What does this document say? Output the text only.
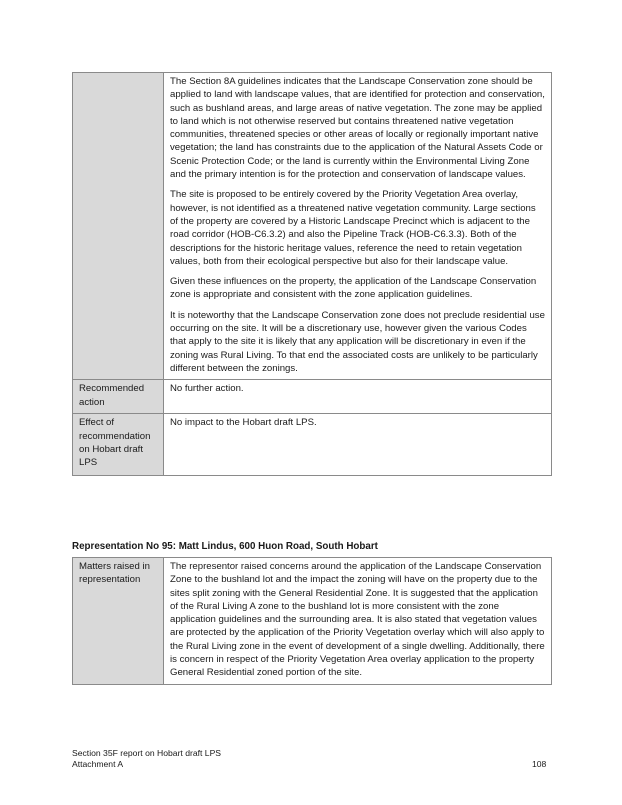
	The Section 8A guidelines indicates that the Landscape Conservation zone should be applied to land with landscape values, that are identified for protection and conservation, such as bushland areas, and large areas of native vegetation. The zone may be applied to land which is not otherwise reserved but contains threatened native vegetation communities, threatened species or other areas of locally or regionally important native vegetation; the land has constraints due to the application of the Natural Assets Code or Scenic Protection Code; or the land is currently within the Environmental Living Zone and the primary intention is for the protection and conservation of landscape values.

The site is proposed to be entirely covered by the Priority Vegetation Area overlay, however, is not identified as a threatened native vegetation community. Large sections of the property are covered by a Historic Landscape Precinct which is adjacent to the road corridor (HOB-C6.3.2) and also the Pipeline Track (HOB-C6.3.3). Both of the descriptions for the historic heritage values, reference the need to retain vegetation values, both from their ecological perspective but also for their landscape value.

Given these influences on the property, the application of the Landscape Conservation zone is appropriate and consistent with the zone application guidelines.

It is noteworthy that the Landscape Conservation zone does not preclude residential use occurring on the site. It will be a discretionary use, however given the various Codes that apply to the site it is likely that any application will be discretionary in even if the zoning was Rural Living. To that end the associated costs are unlikely to be particularly different between the zonings.

Recommended action	No further action.
Effect of recommendation on Hobart draft LPS	No impact to the Hobart draft LPS.
Representation No 95: Matt Lindus, 600 Huon Road, South Hobart
Matters raised in representation	The representor raised concerns around the application of the Landscape Conservation Zone to the bushland lot and the impact the zoning will have on the property due to the sites split zoning with the General Residential Zone. It is suggested that the application of the Rural Living A zone to the bushland lot is more consistent with the zone application guidelines and the surrounding area. It is also stated that vegetation values are protected by the application of the Priority Vegetation overlay which will also apply to the Rural Living zone in the event of development of a single dwelling. Additionally, there is concern in respect of the Priority Vegetation Area overlay application to the property General Residential zoned portion of the site.
Section 35F report on Hobart draft LPS
Attachment A	108
